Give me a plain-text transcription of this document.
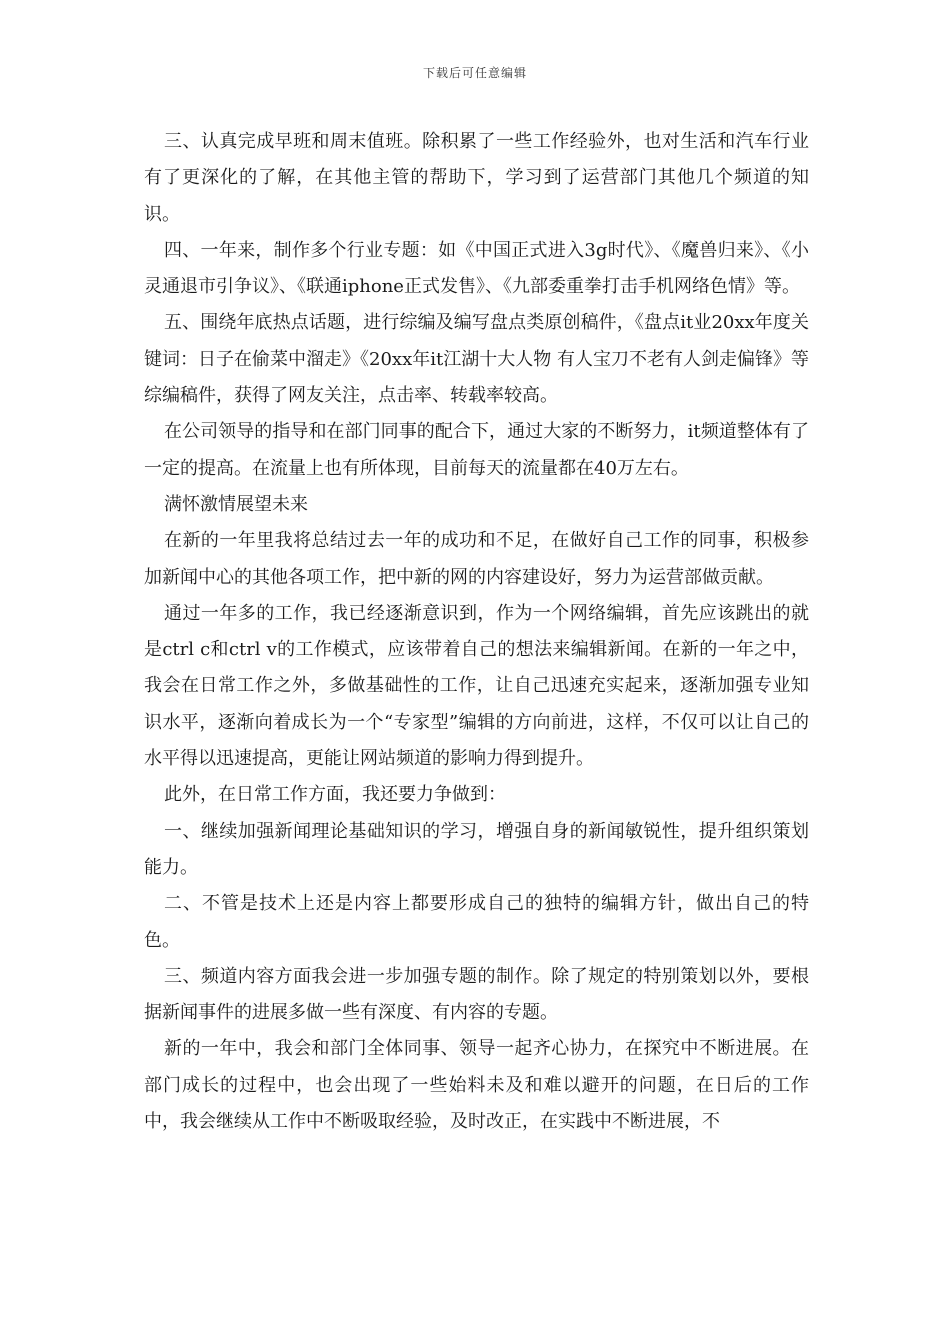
下载后可任意编辑

三、认真完成早班和周末值班。除积累了一些工作经验外，也对生活和汽车行业有了更深化的了解，在其他主管的帮助下，学习到了运营部门其他几个频道的知识。

四、一年来，制作多个行业专题：如《中国正式进入3g时代》、《魔兽归来》、《小灵通退市引争议》、《联通iphone正式发售》、《九部委重拳打击手机网络色情》等。

五、围绕年底热点话题，进行综编及编写盘点类原创稿件，《盘点it业20xx年度关键词：日子在偷菜中溜走》《20xx年it江湖十大人物 有人宝刀不老有人剑走偏锋》等综编稿件，获得了网友关注，点击率、转载率较高。

在公司领导的指导和在部门同事的配合下，通过大家的不断努力，it频道整体有了一定的提高。在流量上也有所体现，目前每天的流量都在40万左右。

满怀激情展望未来

在新的一年里我将总结过去一年的成功和不足，在做好自己工作的同事，积极参加新闻中心的其他各项工作，把中新的网的内容建设好，努力为运营部做贡献。

通过一年多的工作，我已经逐渐意识到，作为一个网络编辑，首先应该跳出的就是ctrl c和ctrl v的工作模式，应该带着自己的想法来编辑新闻。在新的一年之中，我会在日常工作之外，多做基础性的工作，让自己迅速充实起来，逐渐加强专业知识水平，逐渐向着成长为一个“专家型”编辑的方向前进，这样，不仅可以让自己的水平得以迅速提高，更能让网站频道的影响力得到提升。

此外，在日常工作方面，我还要力争做到：

一、继续加强新闻理论基础知识的学习，增强自身的新闻敏锐性，提升组织策划能力。

二、不管是技术上还是内容上都要形成自己的独特的编辑方针，做出自己的特色。

三、频道内容方面我会进一步加强专题的制作。除了规定的特别策划以外，要根据新闻事件的进展多做一些有深度、有内容的专题。

新的一年中，我会和部门全体同事、领导一起齐心协力，在探究中不断进展。在部门成长的过程中，也会出现了一些始料未及和难以避开的问题，在日后的工作中，我会继续从工作中不断吸取经验，及时改正，在实践中不断进展，不
